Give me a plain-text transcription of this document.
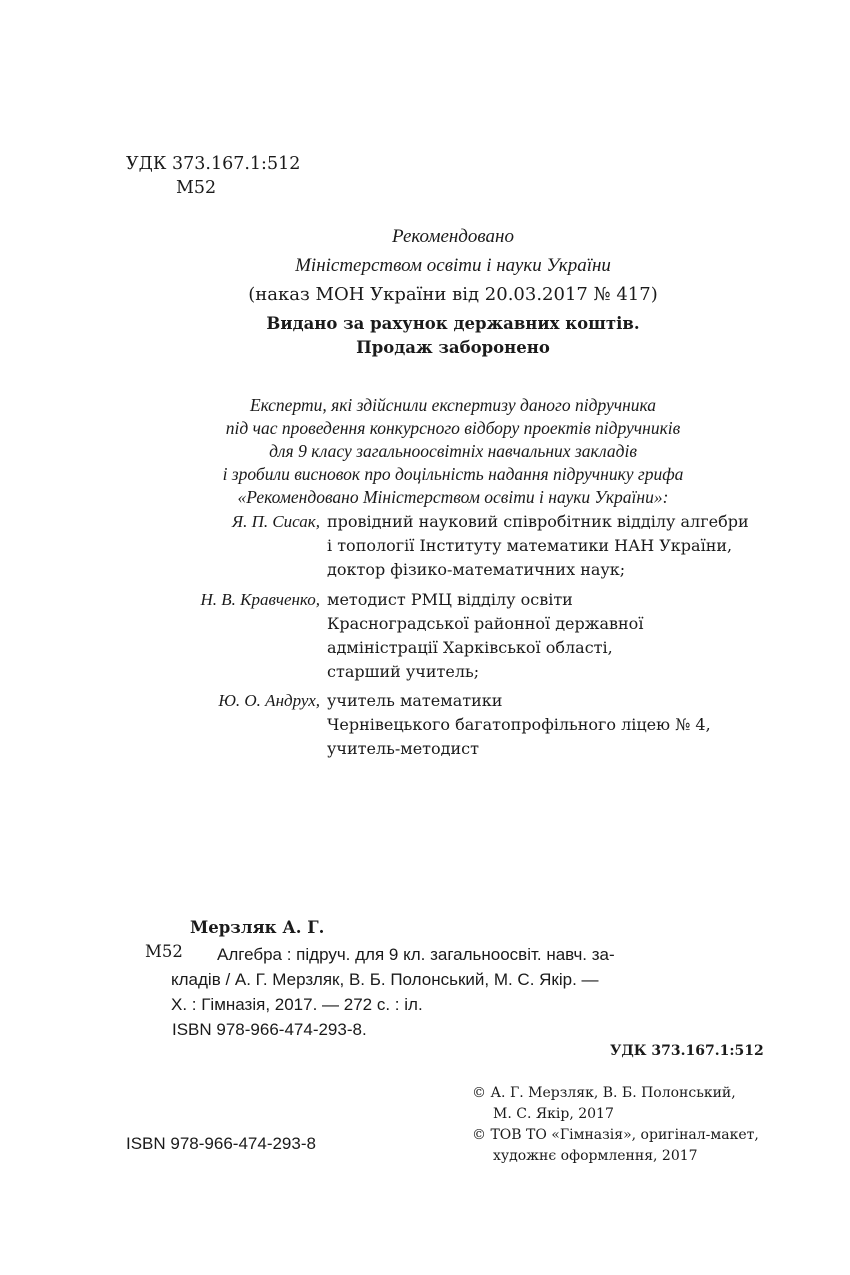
УДК 373.167.1:512
М52
Рекомендовано
Міністерством освіти і науки України
(наказ МОН України від 20.03.2017 № 417)
Видано за рахунок державних коштів.
Продаж заборонено
Експерти, які здійснили експертизу даного підручника
під час проведення конкурсного відбору проектів підручників
для 9 класу загальноосвітніх навчальних закладів
і зробили висновок про доцільність надання підручнику грифа
«Рекомендовано Міністерством освіти і науки України»:
Я. П. Сисак, провідний науковий співробітник відділу алгебри
і топології Інституту математики НАН України,
доктор фізико-математичних наук;
Н. В. Кравченко, методист РМЦ відділу освіти
Красноградської районної державної
адміністрації Харківської області,
старший учитель;
Ю. О. Андрух, учитель математики
Чернівецького багатопрофільного ліцею № 4,
учитель-методист
Мерзляк А. Г.
М52 Алгебра : підруч. для 9 кл. загальноосвіт. навч. за-
кладів / А. Г. Мерзляк, В. Б. Полонський, М. С. Якір. —
Х. : Гімназія, 2017. — 272 с. : іл.
ISBN 978-966-474-293-8.
УДК 373.167.1:512
© А. Г. Мерзляк, В. Б. Полонський,
М. С. Якір, 2017
© ТОВ ТО «Гімназія», оригінал-макет,
художнє оформлення, 2017
ISBN 978-966-474-293-8
